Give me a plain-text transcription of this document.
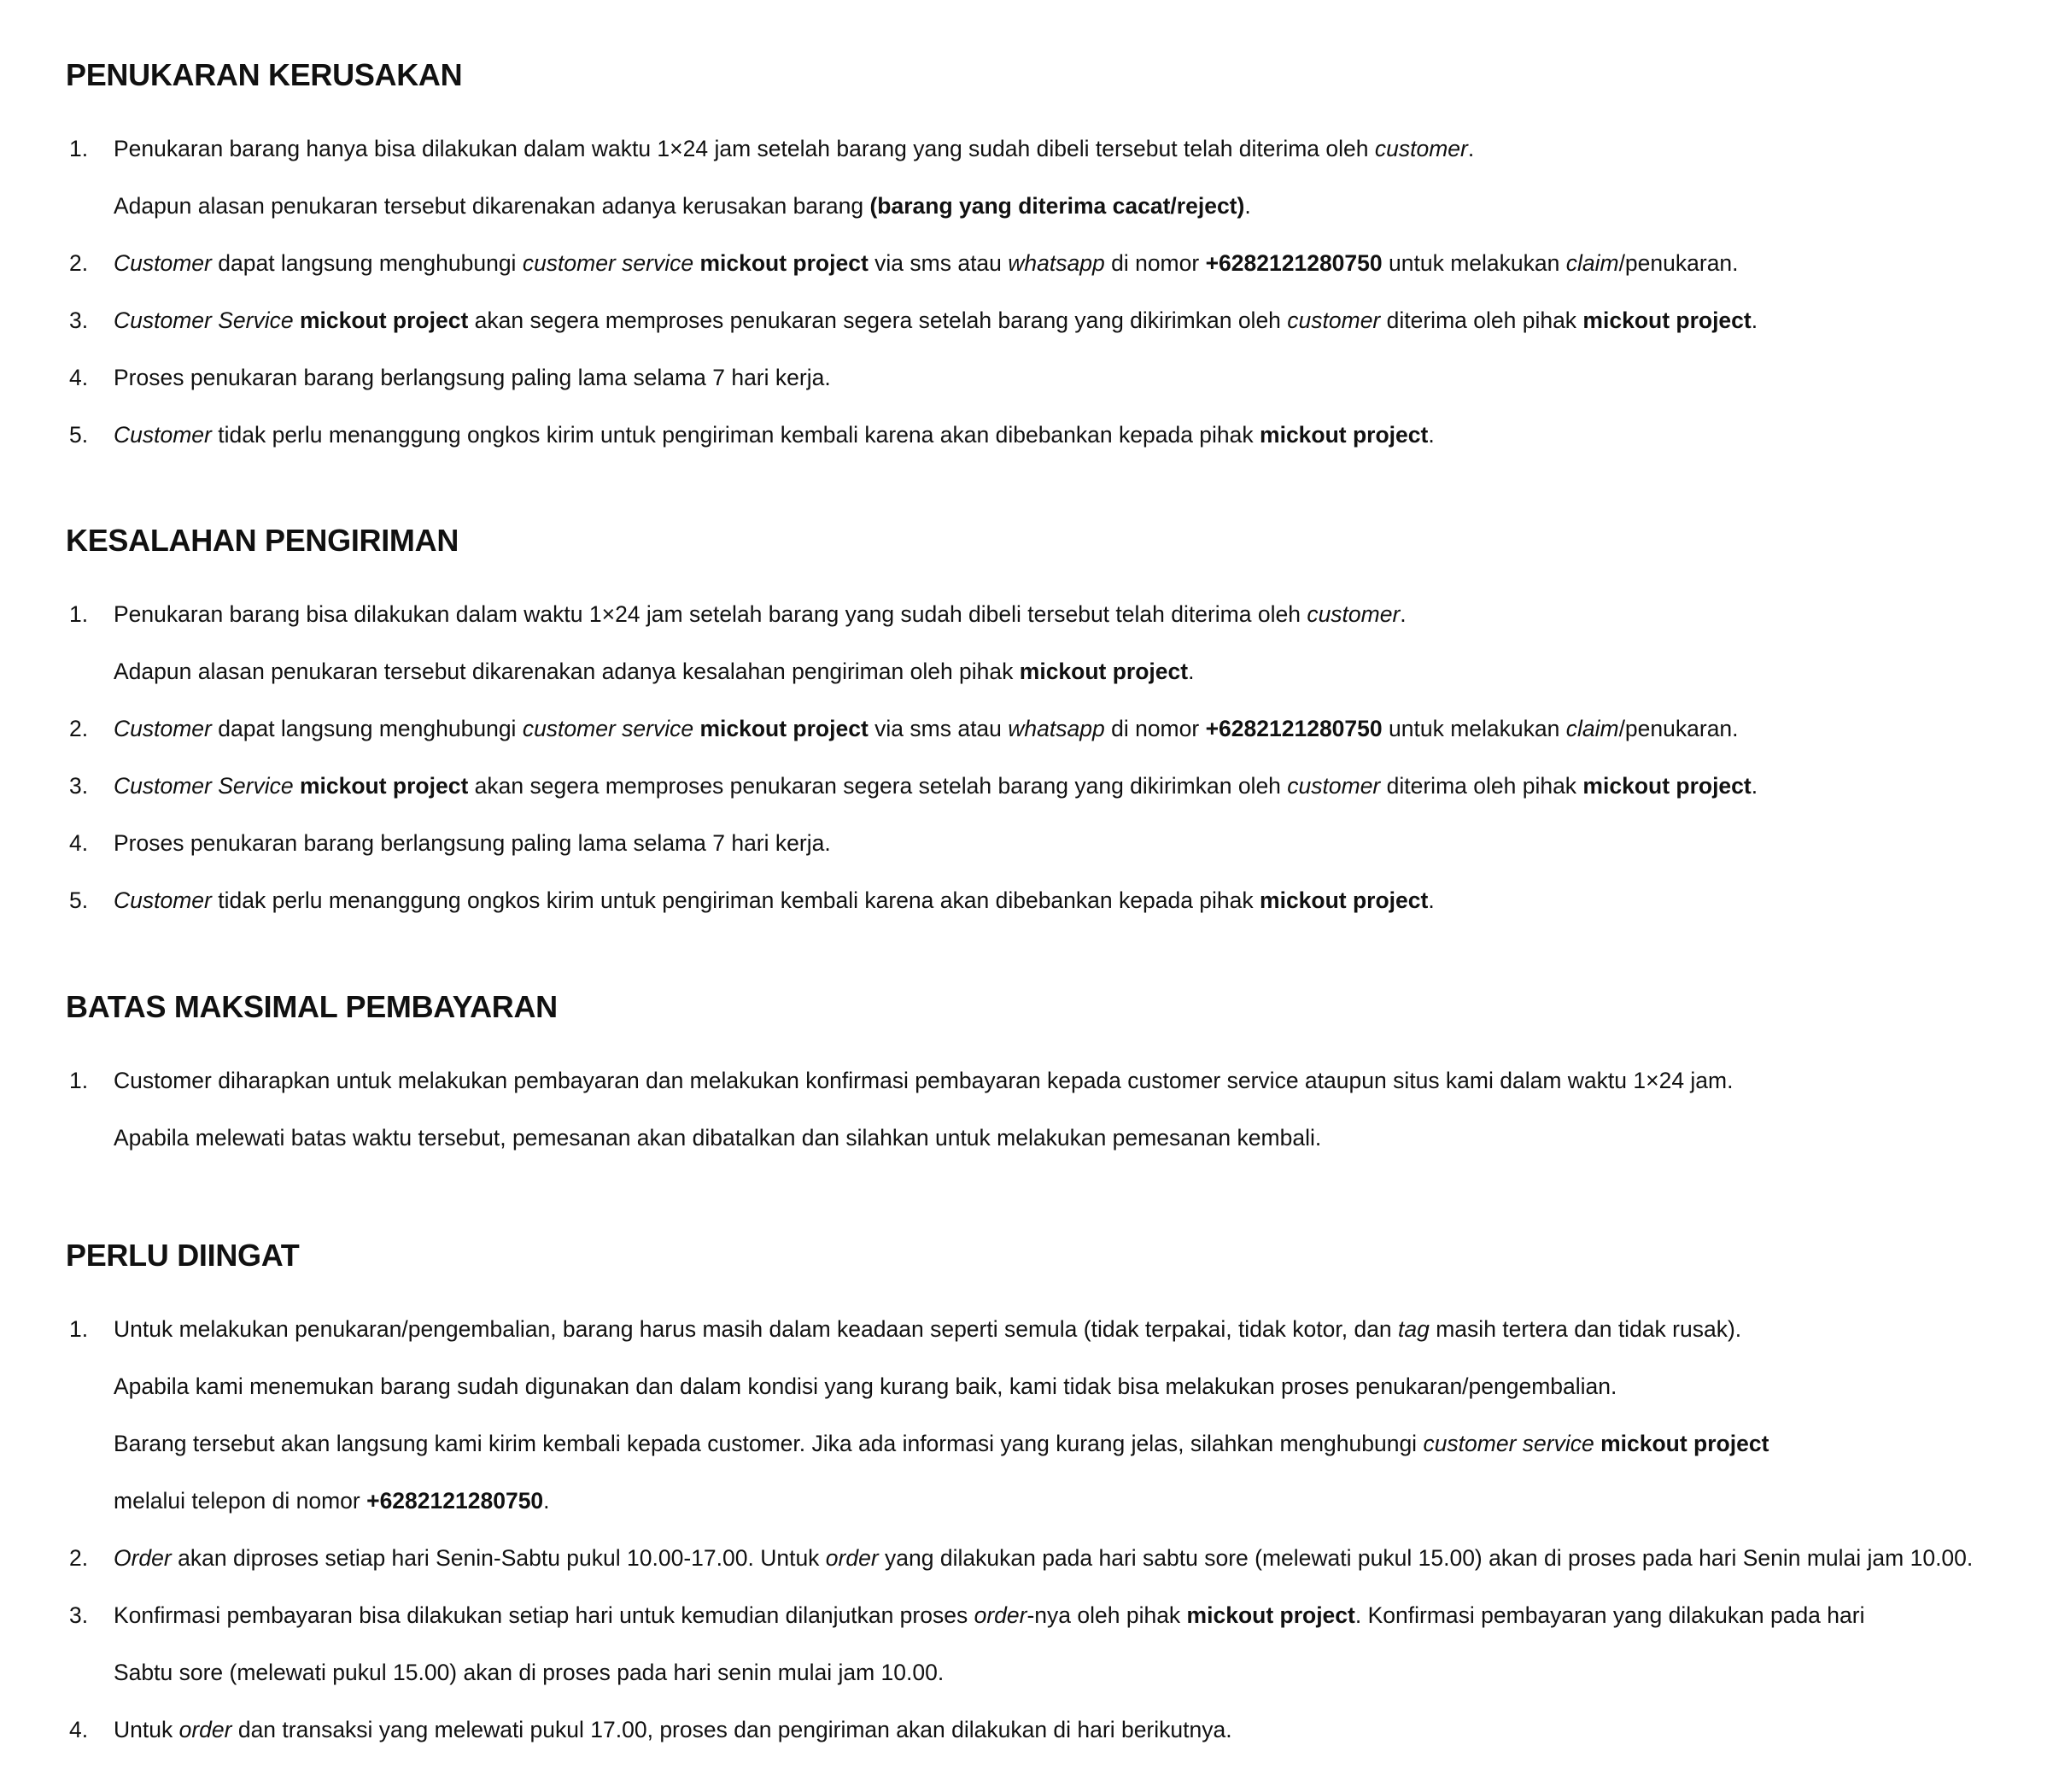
PENUKARAN KERUSAKAN
1.	Penukaran barang hanya bisa dilakukan dalam waktu 1×24 jam setelah barang yang sudah dibeli tersebut telah diterima oleh customer.
Adapun alasan penukaran tersebut dikarenakan adanya kerusakan barang (barang yang diterima cacat/reject).
2.	Customer dapat langsung menghubungi customer service mickout project via sms atau whatsapp di nomor +6282121280750 untuk melakukan claim/penukaran.
3.	Customer Service mickout project akan segera memproses penukaran segera setelah barang yang dikirimkan oleh customer diterima oleh pihak mickout project.
4.	Proses penukaran barang berlangsung paling lama selama 7 hari kerja.
5.	Customer tidak perlu menanggung ongkos kirim untuk pengiriman kembali karena akan dibebankan kepada pihak mickout project.
KESALAHAN PENGIRIMAN
1.	Penukaran barang bisa dilakukan dalam waktu 1×24 jam setelah barang yang sudah dibeli tersebut telah diterima oleh customer.
Adapun alasan penukaran tersebut dikarenakan adanya kesalahan pengiriman oleh pihak mickout project.
2.	Customer dapat langsung menghubungi customer service mickout project via sms atau whatsapp di nomor +6282121280750 untuk melakukan claim/penukaran.
3.	Customer Service mickout project akan segera memproses penukaran segera setelah barang yang dikirimkan oleh customer diterima oleh pihak mickout project.
4.	Proses penukaran barang berlangsung paling lama selama 7 hari kerja.
5.	Customer tidak perlu menanggung ongkos kirim untuk pengiriman kembali karena akan dibebankan kepada pihak mickout project.
BATAS MAKSIMAL PEMBAYARAN
1.	Customer diharapkan untuk melakukan pembayaran dan melakukan konfirmasi pembayaran kepada customer service ataupun situs kami dalam waktu 1×24 jam.
Apabila melewati batas waktu tersebut, pemesanan akan dibatalkan dan silahkan untuk melakukan pemesanan kembali.
PERLU DIINGAT
1.	Untuk melakukan penukaran/pengembalian, barang harus masih dalam keadaan seperti semula (tidak terpakai, tidak kotor, dan tag masih tertera dan tidak rusak).
Apabila kami menemukan barang sudah digunakan dan dalam kondisi yang kurang baik, kami tidak bisa melakukan proses penukaran/pengembalian.
Barang tersebut akan langsung kami kirim kembali kepada customer. Jika ada informasi yang kurang jelas, silahkan menghubungi customer service mickout project
melalui telepon di nomor +6282121280750.
2.	Order akan diproses setiap hari Senin-Sabtu pukul 10.00-17.00. Untuk order yang dilakukan pada hari sabtu sore (melewati pukul 15.00) akan di proses pada hari Senin mulai jam 10.00.
3.	Konfirmasi pembayaran bisa dilakukan setiap hari untuk kemudian dilanjutkan proses order-nya oleh pihak mickout project. Konfirmasi pembayaran yang dilakukan pada hari
Sabtu sore (melewati pukul 15.00) akan di proses pada hari senin mulai jam 10.00.
4.	Untuk order dan transaksi yang melewati pukul 17.00, proses dan pengiriman akan dilakukan di hari berikutnya.
